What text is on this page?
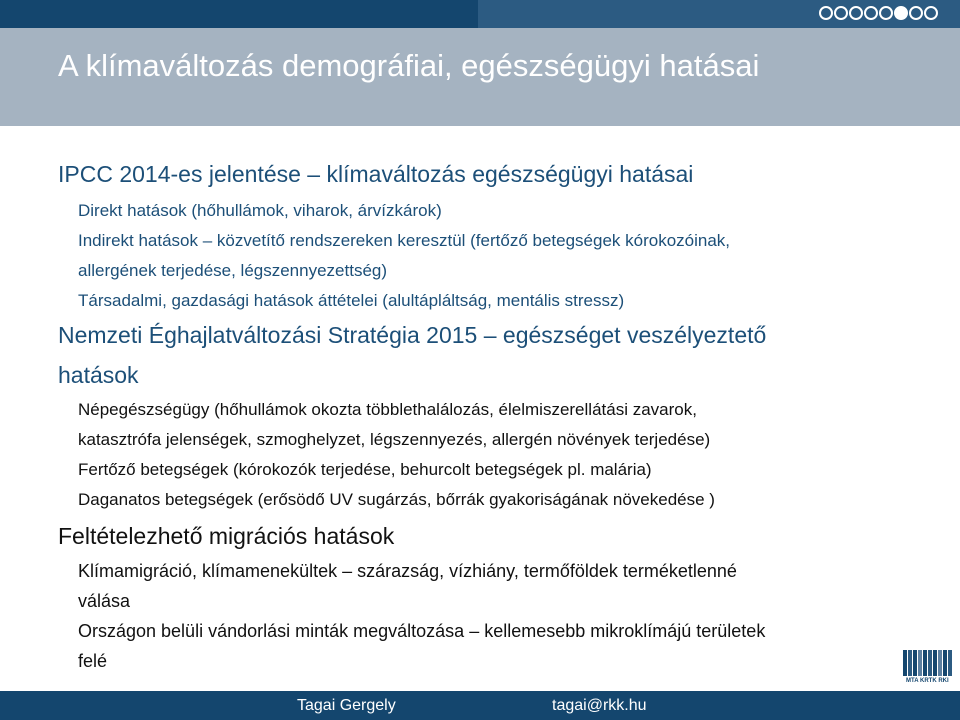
A klímaváltozás demográfiai, egészségügyi hatásai
IPCC 2014-es jelentése – klímaváltozás egészségügyi hatásai
Direkt hatások (hőhullámok, viharok, árvízkárok)
Indirekt hatások – közvetítő rendszereken keresztül (fertőző betegségek kórokozóinak,
allergének terjedése, légszennyezettség)
Társadalmi, gazdasági hatások áttételei (alultápláltság, mentális stressz)
Nemzeti Éghajlatváltozási Stratégia 2015 – egészséget veszélyeztető
hatások
Népegészségügy (hőhullámok okozta többlethalálozás, élelmiszerellátási zavarok,
katasztrófa jelenségek, szmoghelyzet, légszennyezés, allergén növények terjedése)
Fertőző betegségek (kórokozók terjedése, behurcolt betegségek pl. malária)
Daganatos betegségek (erősödő UV sugárzás, bőrrák gyakoriságának növekedése )
Feltételezhető migrációs hatások
Klímamigráció, klímamenekültek – szárazság, vízhiány, termőföldek terméketlenné
válása
Országon belüli vándorlási minták megváltozása – kellemesebb mikroklímájú területek
felé
MTA KRTK RKI
Tagai Gergely	tagai@rkk.hu
